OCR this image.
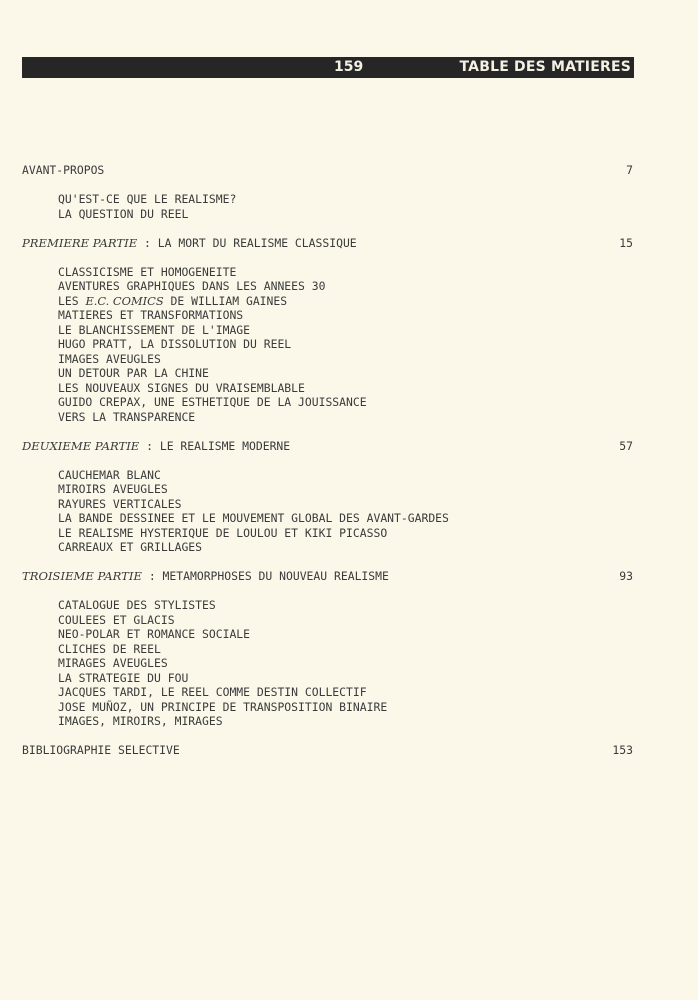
159	TABLE DES MATIERES
AVANT-PROPOS	7
QU'EST-CE QUE LE REALISME?
LA QUESTION DU REEL
PREMIERE PARTIE : LA MORT DU REALISME CLASSIQUE	15
CLASSICISME ET HOMOGENEITE
AVENTURES GRAPHIQUES DANS LES ANNEES 30
LES E.C. COMICS DE WILLIAM GAINES
MATIERES ET TRANSFORMATIONS
LE BLANCHISSEMENT DE L'IMAGE
HUGO PRATT, LA DISSOLUTION DU REEL
IMAGES AVEUGLES
UN DETOUR PAR LA CHINE
LES NOUVEAUX SIGNES DU VRAISEMBLABLE
GUIDO CREPAX, UNE ESTHETIQUE DE LA JOUISSANCE
VERS LA TRANSPARENCE
DEUXIEME PARTIE : LE REALISME MODERNE	57
CAUCHEMAR BLANC
MIROIRS AVEUGLES
RAYURES VERTICALES
LA BANDE DESSINEE ET LE MOUVEMENT GLOBAL DES AVANT-GARDES
LE REALISME HYSTERIQUE DE LOULOU ET KIKI PICASSO
CARREAUX ET GRILLAGES
TROISIEME PARTIE : METAMORPHOSES DU NOUVEAU REALISME	93
CATALOGUE DES STYLISTES
COULEES ET GLACIS
NEO-POLAR ET ROMANCE SOCIALE
CLICHES DE REEL
MIRAGES AVEUGLES
LA STRATEGIE DU FOU
JACQUES TARDI, LE REEL COMME DESTIN COLLECTIF
JOSE MUÑOZ, UN PRINCIPE DE TRANSPOSITION BINAIRE
IMAGES, MIROIRS, MIRAGES
BIBLIOGRAPHIE SELECTIVE	153
